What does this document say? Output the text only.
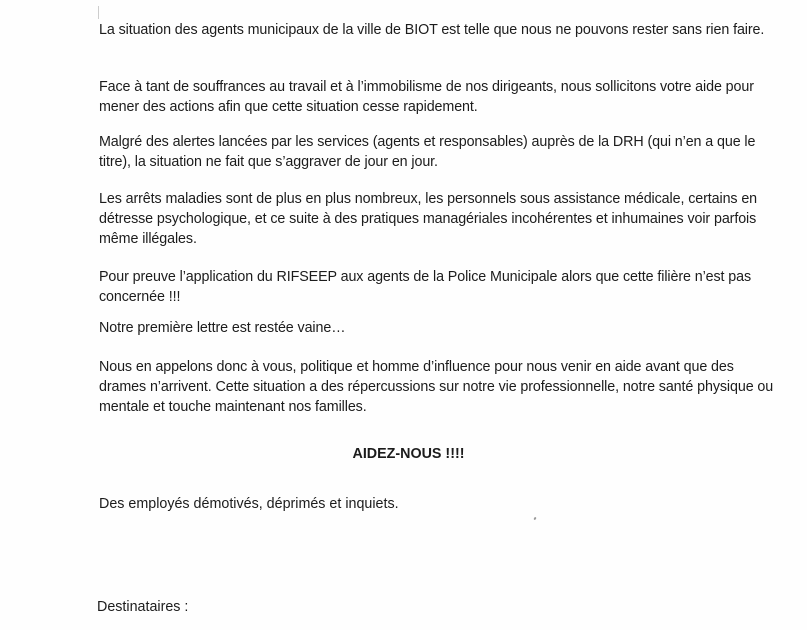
La situation des agents municipaux de la ville de BIOT est telle que nous ne pouvons rester sans rien faire.

Face à tant de souffrances au travail et à l’immobilisme de nos dirigeants, nous sollicitons votre aide pour mener des actions afin que cette situation cesse rapidement.

Malgré des alertes lancées par les services (agents et responsables) auprès de la DRH (qui n’en a que le titre), la situation ne fait que s’aggraver de jour en jour.

Les arrêts maladies sont de plus en plus nombreux, les personnels sous assistance médicale, certains en détresse psychologique, et ce suite à des pratiques managériales incohérentes et inhumaines voir parfois même illégales.

Pour preuve l’application du RIFSEEP aux agents de la Police Municipale alors que cette filière n’est pas concernée !!!

Notre première lettre est restée vaine…

Nous en appelons donc à vous, politique et homme d’influence pour nous venir en aide avant que des drames n’arrivent. Cette situation a des répercussions sur notre vie professionnelle, notre santé physique ou mentale et touche maintenant nos familles.

AIDEZ-NOUS !!!!
Des employés démotivés, déprimés et inquiets.
Destinataires :
